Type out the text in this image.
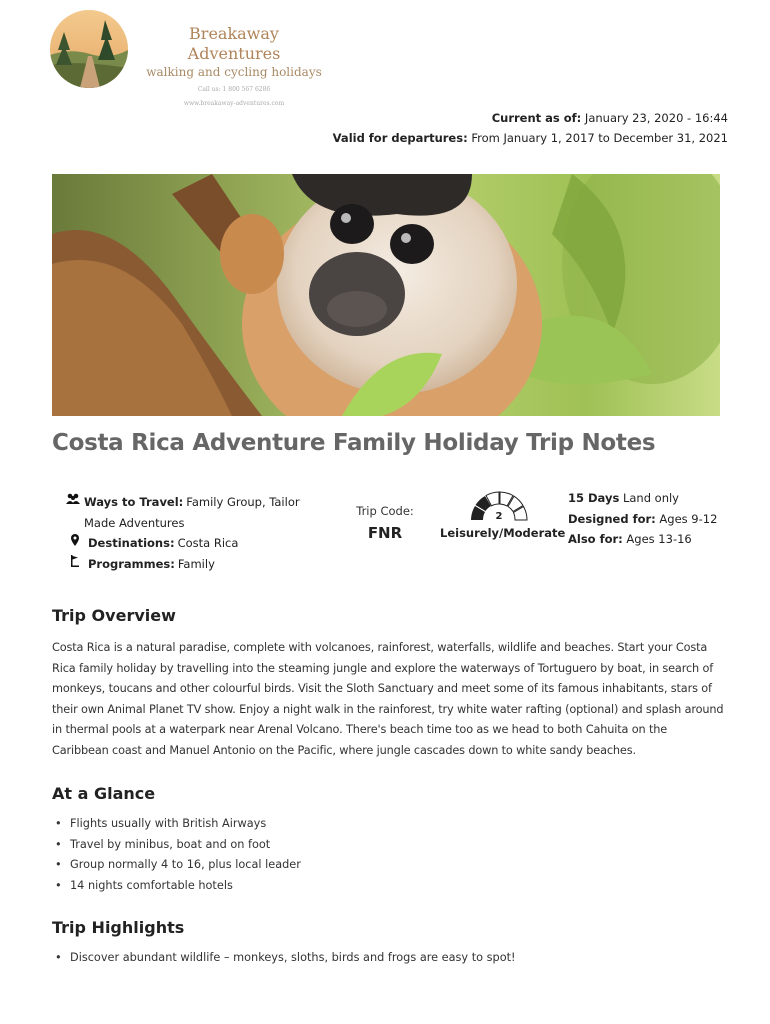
Breakaway Adventures
walking and cycling holidays
Call us: 1 800 567 6286
www.breakaway-adventures.com
Current as of: January 23, 2020 - 16:44
Valid for departures: From January 1, 2017 to December 31, 2021
Costa Rica Adventure Family Holiday Trip Notes
Ways to Travel: Family Group, Tailor Made Adventures
Destinations: Costa Rica
Programmes: Family
Trip Code:
FNR
2
Leisurely/Moderate
15 Days Land only
Designed for: Ages 9-12
Also for: Ages 13-16
Trip Overview

Costa Rica is a natural paradise, complete with volcanoes, rainforest, waterfalls, wildlife and beaches. Start your Costa Rica family holiday by travelling into the steaming jungle and explore the waterways of Tortuguero by boat, in search of monkeys, toucans and other colourful birds. Visit the Sloth Sanctuary and meet some of its famous inhabitants, stars of their own Animal Planet TV show. Enjoy a night walk in the rainforest, try white water rafting (optional) and splash around in thermal pools at a waterpark near Arenal Volcano. There's beach time too as we head to both Cahuita on the Caribbean coast and Manuel Antonio on the Pacific, where jungle cascades down to white sandy beaches.

At a Glance
• Flights usually with British Airways
• Travel by minibus, boat and on foot
• Group normally 4 to 16, plus local leader
• 14 nights comfortable hotels
Trip Highlights
• Discover abundant wildlife – monkeys, sloths, birds and frogs are easy to spot!
